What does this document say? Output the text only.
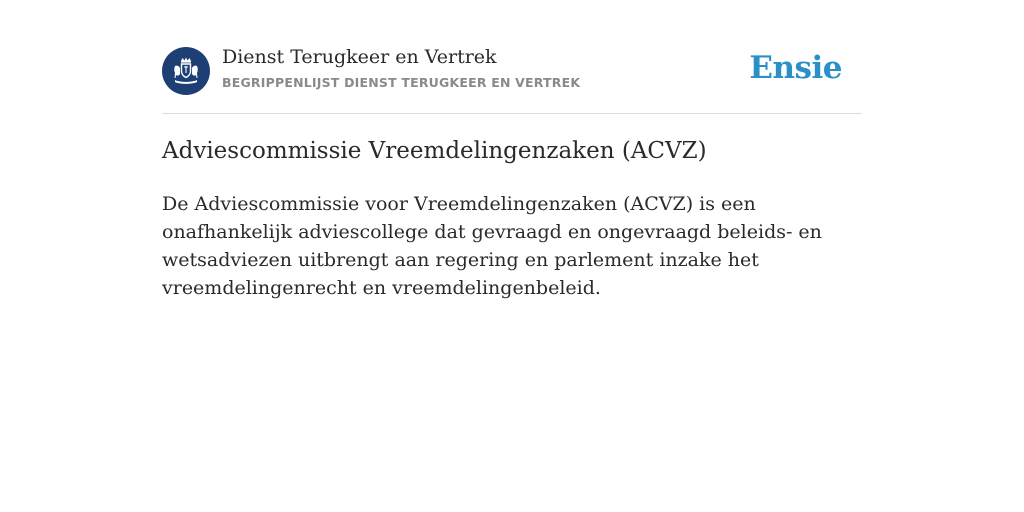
Dienst Terugkeer en Vertrek
BEGRIPPENLIJST DIENST TERUGKEER EN VERTREK	Ensie
Adviescommissie Vreemdelingenzaken (ACVZ)

De Adviescommissie voor Vreemdelingenzaken (ACVZ) is een onafhankelijk adviescollege dat gevraagd en ongevraagd beleids- en wetsadviezen uitbrengt aan regering en parlement inzake het vreemdelingenrecht en vreemdelingenbeleid.
